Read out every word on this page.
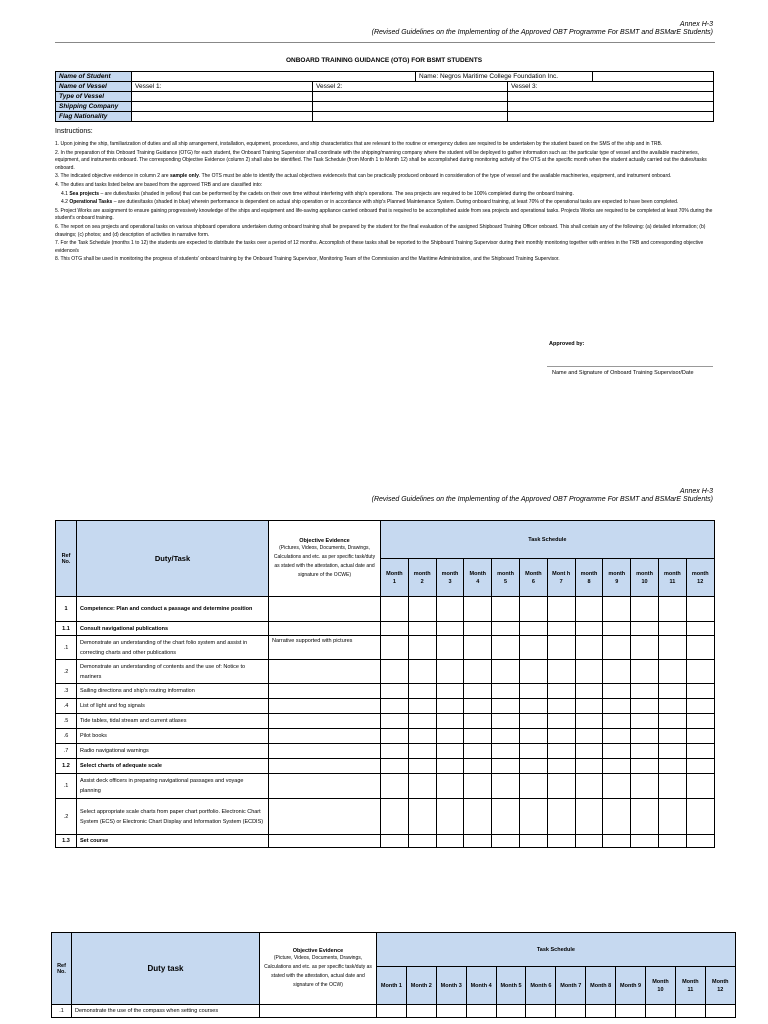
Annex H-3
(Revised Guidelines on the Implementing of the Approved OBT Programme For BSMT and BSMarE Students)
ONBOARD TRAINING GUIDANCE (OTG) FOR BSMT STUDENTS
Name of Student	Name: Negros Maritime College Foundation Inc.		

Name of Vessel	Vessel 1:	Vessel 2:	Vessel 3:
Type of Vessel			
Shipping Company			
Flag Nationality			
Instructions:

1. Upon joining the ship, familiarization of duties and all ship arrangement, installation, equipment, procedures, and ship characteristics that are relevant to the routine or emergency duties are required to be undertaken by the student based on the SMS of the ship and in TRB.

2. In the preparation of this Onboard Training Guidance (OTG) for each student, the Onboard Training Supervisor shall coordinate with the shipping/manning company where the student will be deployed to gather information such as: the particular type of vessel and the available machineries, equipment, and instruments onboard. The corresponding Objective Evidence (column 2) shall also be identified. The Task Schedule (from Month 1 to Month 12) shall be accomplished during monitoring activity of the OTS at the specific month when the student actually carried out the duties/tasks onboard.

3. The indicated objective evidence in column 2 are sample only. The OTS must be able to identify the actual objectives evidence/s that can be practically produced onboard in consideration of the type of vessel and the available machineries, equipment, and instrument onboard.

4. The duties and tasks listed below are based from the approved TRB and are classified into:

4.1 Sea projects – are duties/tasks (shaded in yellow) that can be performed by the cadets on their own time without interfering with ship's operations. The sea projects are required to be 100% completed during the onboard training.

4.2 Operational Tasks – are duties/tasks (shaded in blue) wherein performance is dependent on actual ship operation or in accordance with ship's Planned Maintenance System. During onboard training, at least 70% of the operational tasks are expected to have been completed.

5. Project Works are assignment to ensure gaining progressively knowledge of the ships and equipment and life-saving appliance carried onboard that is required to be accomplished aside from sea projects and operational tasks. Projects Works are required to be completed at least 70% during the student's onboard training.

6. The report on sea projects and operational tasks on various shipboard operations undertaken during onboard training shall be prepared by the student for the final evaluation of the assigned Shipboard Training Officer onboard. This shall contain any of the following: (a) detailed information; (b) drawings; (c) photos; and (d) description of activities in narrative form.

7. For the Task Schedule (months 1 to 12) the students are expected to distribute the tasks over a period of 12 months. Accomplish of these tasks shall be reported to the Shipboard Training Supervisor during their monthly monitoring together with entries in the TRB and corresponding objective evidence/s

8. This OTG shall be used in monitoring the progress of students' onboard training by the Onboard Training Supervisor, Monitoring Team of the Commission and the Maritime Administration, and the Shipboard Training Supervisor.

Approved by:
Name and Signature of Onboard Training Supervisor/Date
Annex H-3
(Revised Guidelines on the Implementing of the Approved OBT Programme For BSMT and BSMarE Students)
Ref No.	Duty/Task	Objective Evidence
(Pictures, Videos, Documents, Drawings, Calculations and etc. as per specific task/duty as stated with the attestation, actual date and signature of the OCWE)	Task Schedule											
			Month 1	month 2	month 3	Month 4	month 5	Month 6	Mont h 7	month 8	month 9	month 10	month 11	month 12
1	Competence: Plan and conduct a passage and determine position													
1.1	Consult navigational publications													
.1	Demonstrate an understanding of the chart folio system and assist in correcting charts and other publications	Narrative supported with pictures												
.2	Demonstrate an understanding of contents and the use of: Notice to mariners													
.3	Sailing directions and ship's routing information													
.4	List of light and fog signals													
.5	Tide tables, tidal stream and current atlases													
.6	Pilot books													
.7	Radio navigational warnings													
1.2	Select charts of adequate scale													
.1	Assist deck officers in preparing navigational passages and voyage planning													
.2	Select appropriate scale charts from paper chart portfolio. Electronic Chart System (ECS) or Electronic Chart Display and Information System (ECDIS)													
1.3	Set course													
Ref No.	Duty task	Objective Evidence
(Picture, Videos, Documents, Drawings, Calculations and etc. as per specific task/duty as stated with the attestation, actual date and signature of the OCW)	Task Schedule											
			Month 1	Month 2	Month 3	Month 4	Month 5	Month 6	Month 7	Month 8	Month 9	Month 10	Month 11	Month 12
.1	Demonstrate the use of the compass when setting courses													
